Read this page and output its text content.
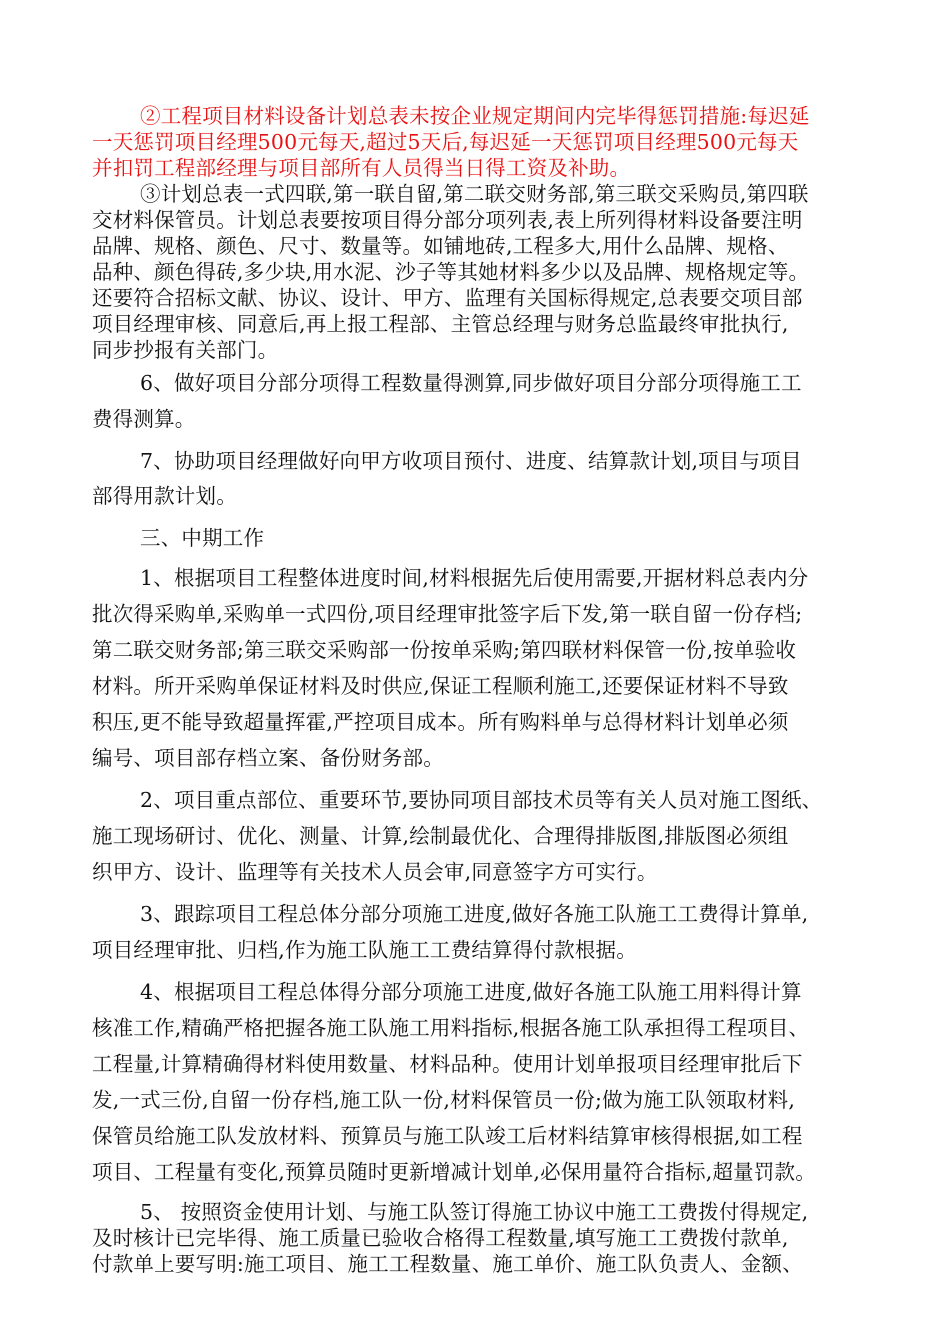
②工程项目材料设备计划总表未按企业规定期间内完毕得惩罚措施:每迟延
一天惩罚项目经理500元每天,超过5天后,每迟延一天惩罚项目经理500元每天
并扣罚工程部经理与项目部所有人员得当日得工资及补助。
③计划总表一式四联,第一联自留,第二联交财务部,第三联交采购员,第四联
交材料保管员。计划总表要按项目得分部分项列表,表上所列得材料设备要注明
品牌、规格、颜色、尺寸、数量等。如铺地砖,工程多大,用什么品牌、规格、
品种、颜色得砖,多少块,用水泥、沙子等其她材料多少以及品牌、规格规定等。
还要符合招标文献、协议、设计、甲方、监理有关国标得规定,总表要交项目部
项目经理审核、同意后,再上报工程部、主管总经理与财务总监最终审批执行,
同步抄报有关部门。
6、做好项目分部分项得工程数量得测算,同步做好项目分部分项得施工工
费得测算。
7、协助项目经理做好向甲方收项目预付、进度、结算款计划,项目与项目
部得用款计划。
三、中期工作
1、根据项目工程整体进度时间,材料根据先后使用需要,开据材料总表内分
批次得采购单,采购单一式四份,项目经理审批签字后下发,第一联自留一份存档;
第二联交财务部;第三联交采购部一份按单采购;第四联材料保管一份,按单验收
材料。所开采购单保证材料及时供应,保证工程顺利施工,还要保证材料不导致
积压,更不能导致超量挥霍,严控项目成本。所有购料单与总得材料计划单必须
编号、项目部存档立案、备份财务部。
2、项目重点部位、重要环节,要协同项目部技术员等有关人员对施工图纸、
施工现场研讨、优化、测量、计算,绘制最优化、合理得排版图,排版图必须组
织甲方、设计、监理等有关技术人员会审,同意签字方可实行。
3、跟踪项目工程总体分部分项施工进度,做好各施工队施工工费得计算单,
项目经理审批、归档,作为施工队施工工费结算得付款根据。
4、根据项目工程总体得分部分项施工进度,做好各施工队施工用料得计算
核准工作,精确严格把握各施工队施工用料指标,根据各施工队承担得工程项目、
工程量,计算精确得材料使用数量、材料品种。使用计划单报项目经理审批后下
发,一式三份,自留一份存档,施工队一份,材料保管员一份;做为施工队领取材料,
保管员给施工队发放材料、预算员与施工队竣工后材料结算审核得根据,如工程
项目、工程量有变化,预算员随时更新增减计划单,必保用量符合指标,超量罚款。
5、 按照资金使用计划、与施工队签订得施工协议中施工工费拨付得规定,
及时核计已完毕得、施工质量已验收合格得工程数量,填写施工工费拨付款单,
付款单上要写明:施工项目、施工工程数量、施工单价、施工队负责人、金额、
